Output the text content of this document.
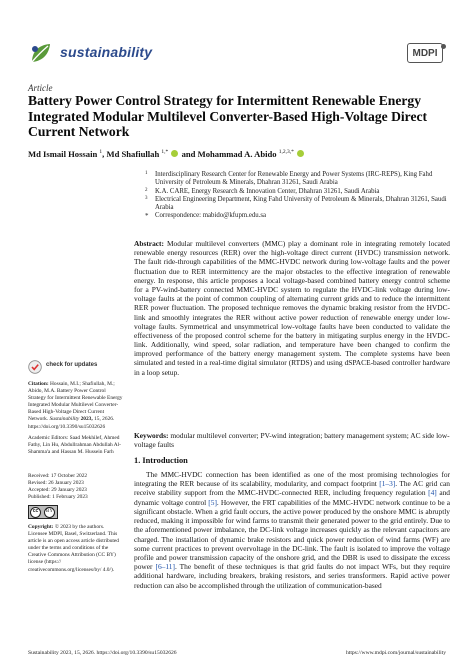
sustainability	MDPI
Article
Battery Power Control Strategy for Intermittent Renewable Energy Integrated Modular Multilevel Converter-Based High-Voltage Direct Current Network
Md Ismail Hossain $^1$, Md Shafiullah $^{1,*}$  and Mohammad A. Abido $^{1,2,3,*}$
1 Interdisciplinary Research Center for Renewable Energy and Power Systems (IRC-REPS), King Fahd University of Petroleum & Minerals, Dhahran 31261, Saudi Arabia
2 K.A. CARE, Energy Research & Innovation Center, Dhahran 31261, Saudi Arabia
3 Electrical Engineering Department, King Fahd University of Petroleum & Minerals, Dhahran 31261, Saudi Arabia
* Correspondence: mabido@kfupm.edu.sa
Abstract: Modular multilevel converters (MMC) play a dominant role in integrating remotely located renewable energy resources (RER) over the high-voltage direct current (HVDC) transmission network. The fault ride-through capabilities of the MMC-HVDC network during low-voltage faults and the power fluctuation due to RER intermittency are the major obstacles to the effective integration of renewable energy. In response, this article proposes a local voltage-based combined battery energy control scheme for a PV-wind-battery connected MMC-HVDC system to regulate the HVDC-link voltage during low-voltage faults at the point of common coupling of alternating current grids and to reduce the intermittent RER power fluctuation. The proposed technique removes the dynamic braking resistor from the HVDC-link and smoothly integrates the RER without active power reduction of renewable energy under low-voltage faults. Symmetrical and unsymmetrical low-voltage faults have been conducted to validate the effectiveness of the proposed control scheme for the battery in mitigating surplus energy in the HVDC-link. Additionally, wind speed, solar radiation, and temperature have been changed to confirm the improved performance of the battery energy management system. The complete systems have been simulated and tested in a real-time digital simulator (RTDS) and using dSPACE-based controller hardware in a loop setup.
Keywords: modular multilevel converter; PV-wind integration; battery management system; AC side low-voltage faults
check for updates
Citation: Hossain, M.I.; Shafiullah, M.; Abido, M.A. Battery Power Control Strategy for Intermittent Renewable Energy Integrated Modular Multilevel Converter-Based High-Voltage Direct Current Network. Sustainability 2023, 15, 2626. https://doi.org/10.3390/su15032626
Academic Editors: Saad Mekhilef, Ahmed Fathy, Lin Hu, Abdullrahman Abdullah Al-Shamma'a and Hassan M. Hussein Farh
Received: 17 October 2022
Revised: 26 January 2023
Accepted: 29 January 2023
Published: 1 February 2023
cc	BY
Copyright: © 2023 by the authors. Licensee MDPI, Basel, Switzerland. This article is an open access article distributed under the terms and conditions of the Creative Commons Attribution (CC BY) license (https:// creativecommons.org/licenses/by/ 4.0/).
1. Introduction
The MMC-HVDC connection has been identified as one of the most promising technologies for integrating the RER because of its scalability, modularity, and compact footprint [1–3]. The AC grid can receive stability support from the MMC-HVDC-connected RER, including frequency regulation [4] and dynamic voltage control [5]. However, the FRT capabilities of the MMC-HVDC network continue to be a significant obstacle. When a grid fault occurs, the active power produced by the onshore MMC is abruptly reduced, making it impossible for wind farms to transmit their generated power to the grid entirely. Due to the aforementioned power imbalance, the DC-link voltage increases quickly as the relevant capacitors are charged. The installation of dynamic brake resistors and quick power reduction of wind farms (WF) are some current practices to prevent overvoltage in the DC-link. The fault is isolated to improve the voltage profile and power transmission capacity of the onshore grid, and the DBR is used to dissipate the excess power [6–11]. The benefit of these techniques is that grid faults do not impact WFs, but they require additional hardware, including breakers, braking resistors, and series transformers. Rapid active power reduction can also be accomplished through the utilization of communication-based
Sustainability 2023, 15, 2626. https://doi.org/10.3390/su15032626	https://www.mdpi.com/journal/sustainability
